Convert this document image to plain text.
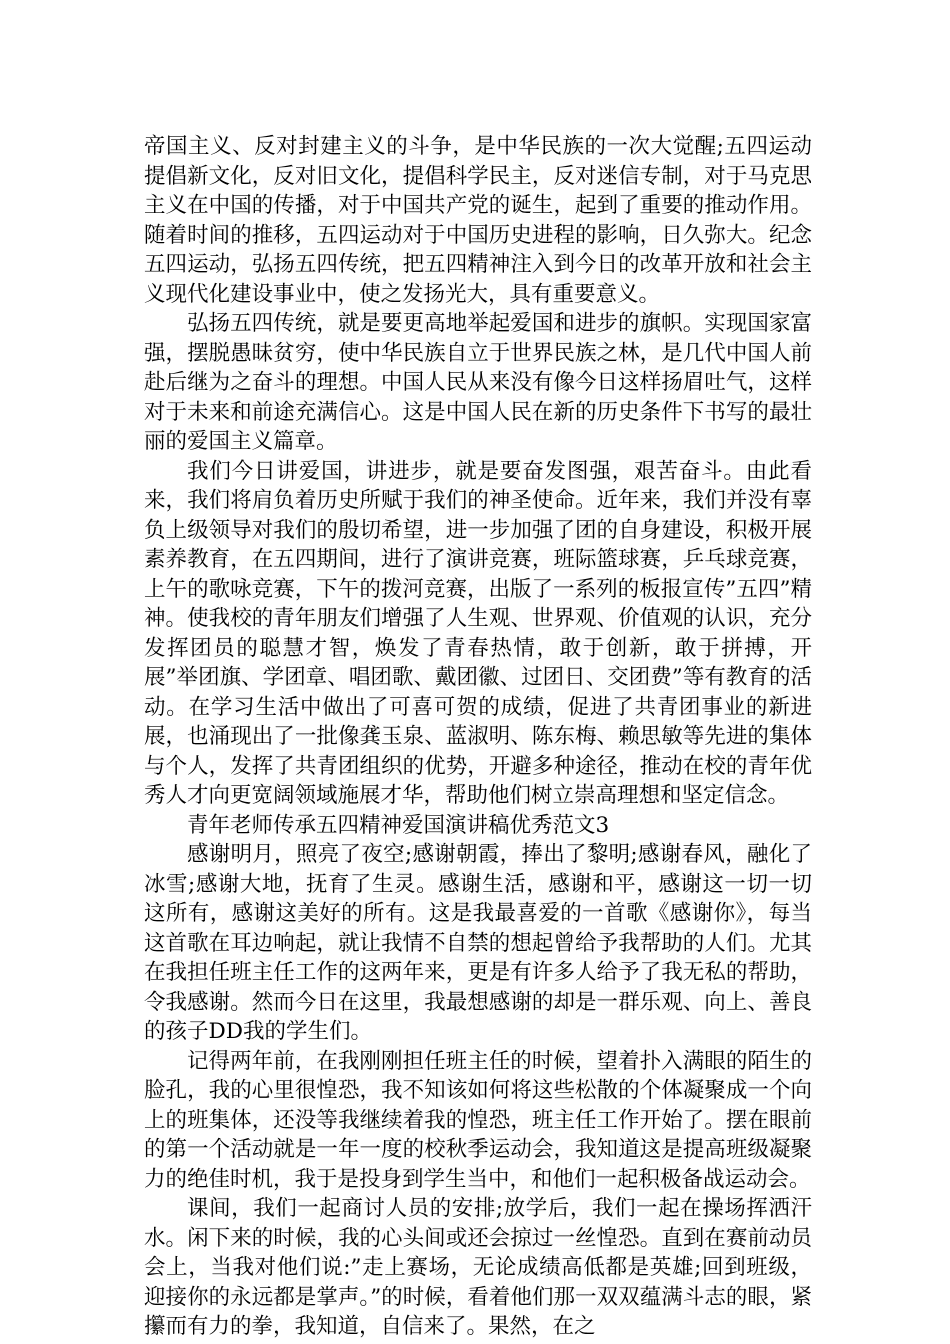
帝国主义、反对封建主义的斗争，是中华民族的一次大觉醒;五四运动提倡新文化，反对旧文化，提倡科学民主，反对迷信专制，对于马克思主义在中国的传播，对于中国共产党的诞生，起到了重要的推动作用。随着时间的推移，五四运动对于中国历史进程的影响，日久弥大。纪念五四运动，弘扬五四传统，把五四精神注入到今日的改革开放和社会主义现代化建设事业中，使之发扬光大，具有重要意义。

弘扬五四传统，就是要更高地举起爱国和进步的旗帜。实现国家富强，摆脱愚昧贫穷，使中华民族自立于世界民族之林，是几代中国人前赴后继为之奋斗的理想。中国人民从来没有像今日这样扬眉吐气，这样对于未来和前途充满信心。这是中国人民在新的历史条件下书写的最壮丽的爱国主义篇章。

我们今日讲爱国，讲进步，就是要奋发图强，艰苦奋斗。由此看来，我们将肩负着历史所赋于我们的神圣使命。近年来，我们并没有辜负上级领导对我们的殷切希望，进一步加强了团的自身建设，积极开展素养教育，在五四期间，进行了演讲竞赛，班际篮球赛，乒乓球竞赛，上午的歌咏竞赛，下午的拨河竞赛，出版了一系列的板报宣传”五四”精神。使我校的青年朋友们增强了人生观、世界观、价值观的认识，充分发挥团员的聪慧才智，焕发了青春热情，敢于创新，敢于拼搏，开展”举团旗、学团章、唱团歌、戴团徽、过团日、交团费”等有教育的活动。在学习生活中做出了可喜可贺的成绩，促进了共青团事业的新进展，也涌现出了一批像龚玉泉、蓝淑明、陈东梅、赖思敏等先进的集体与个人，发挥了共青团组织的优势，开避多种途径，推动在校的青年优秀人才向更宽阔领域施展才华，帮助他们树立崇高理想和坚定信念。

青年老师传承五四精神爱国演讲稿优秀范文3

感谢明月，照亮了夜空;感谢朝霞，捧出了黎明;感谢春风，融化了冰雪;感谢大地，抚育了生灵。感谢生活，感谢和平，感谢这一切一切这所有，感谢这美好的所有。这是我最喜爱的一首歌《感谢你》，每当这首歌在耳边响起，就让我情不自禁的想起曾给予我帮助的人们。尤其在我担任班主任工作的这两年来，更是有许多人给予了我无私的帮助，令我感谢。然而今日在这里，我最想感谢的却是一群乐观、向上、善良的孩子DD我的学生们。

记得两年前，在我刚刚担任班主任的时候，望着扑入满眼的陌生的脸孔，我的心里很惶恐，我不知该如何将这些松散的个体凝聚成一个向上的班集体，还没等我继续着我的惶恐，班主任工作开始了。摆在眼前的第一个活动就是一年一度的校秋季运动会，我知道这是提高班级凝聚力的绝佳时机，我于是投身到学生当中，和他们一起积极备战运动会。

课间，我们一起商讨人员的安排;放学后，我们一起在操场挥洒汗水。闲下来的时候，我的心头间或还会掠过一丝惶恐。直到在赛前动员会上，当我对他们说:”走上赛场，无论成绩高低都是英雄;回到班级，迎接你的永远都是掌声。”的时候，看着他们那一双双蕴满斗志的眼，紧攥而有力的拳，我知道，自信来了。果然，在之
